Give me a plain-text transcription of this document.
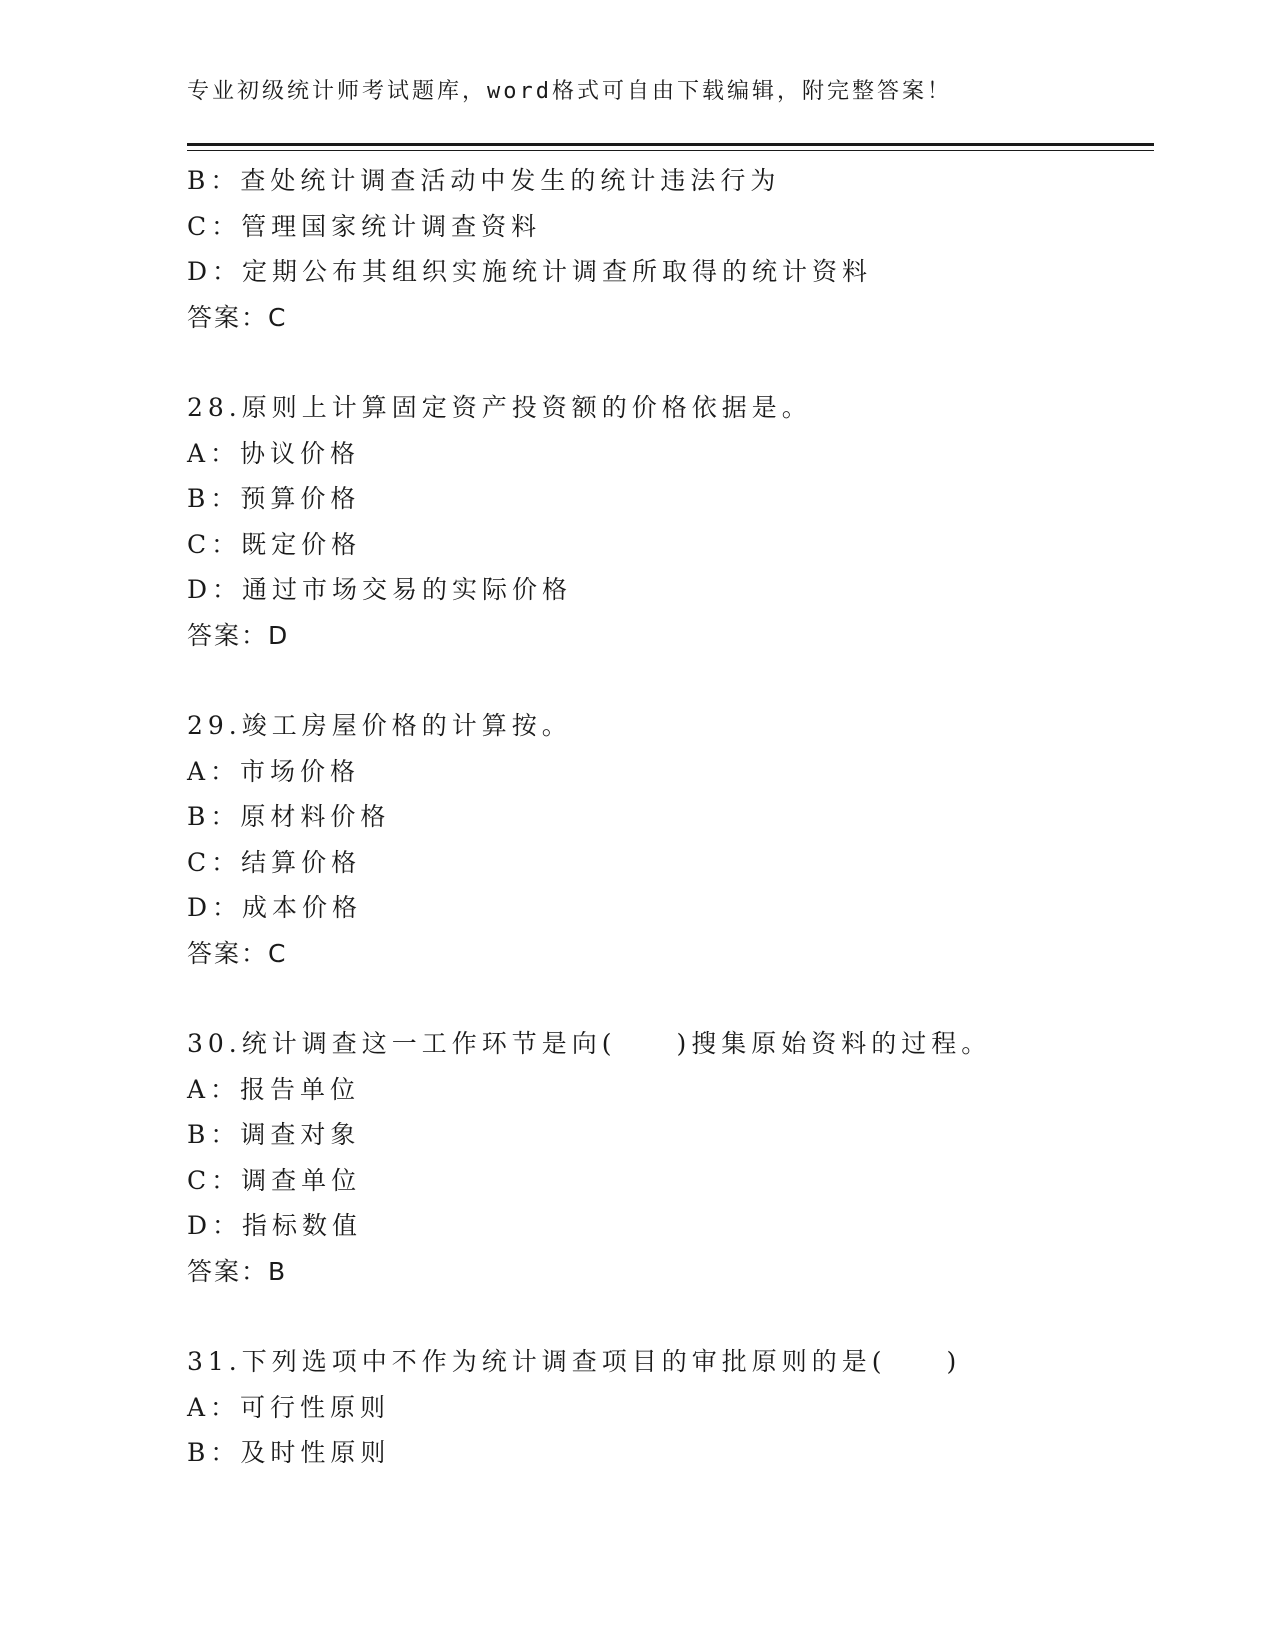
专业初级统计师考试题库，word格式可自由下载编辑，附完整答案！
B：查处统计调查活动中发生的统计违法行为
C：管理国家统计调查资料
D：定期公布其组织实施统计调查所取得的统计资料
答案：C
28.原则上计算固定资产投资额的价格依据是。
A：协议价格
B：预算价格
C：既定价格
D：通过市场交易的实际价格
答案：D
29.竣工房屋价格的计算按。
A：市场价格
B：原材料价格
C：结算价格
D：成本价格
答案：C
30.统计调查这一工作环节是向(　　)搜集原始资料的过程。
A：报告单位
B：调查对象
C：调查单位
D：指标数值
答案：B
31.下列选项中不作为统计调查项目的审批原则的是(　　)
A：可行性原则
B：及时性原则
